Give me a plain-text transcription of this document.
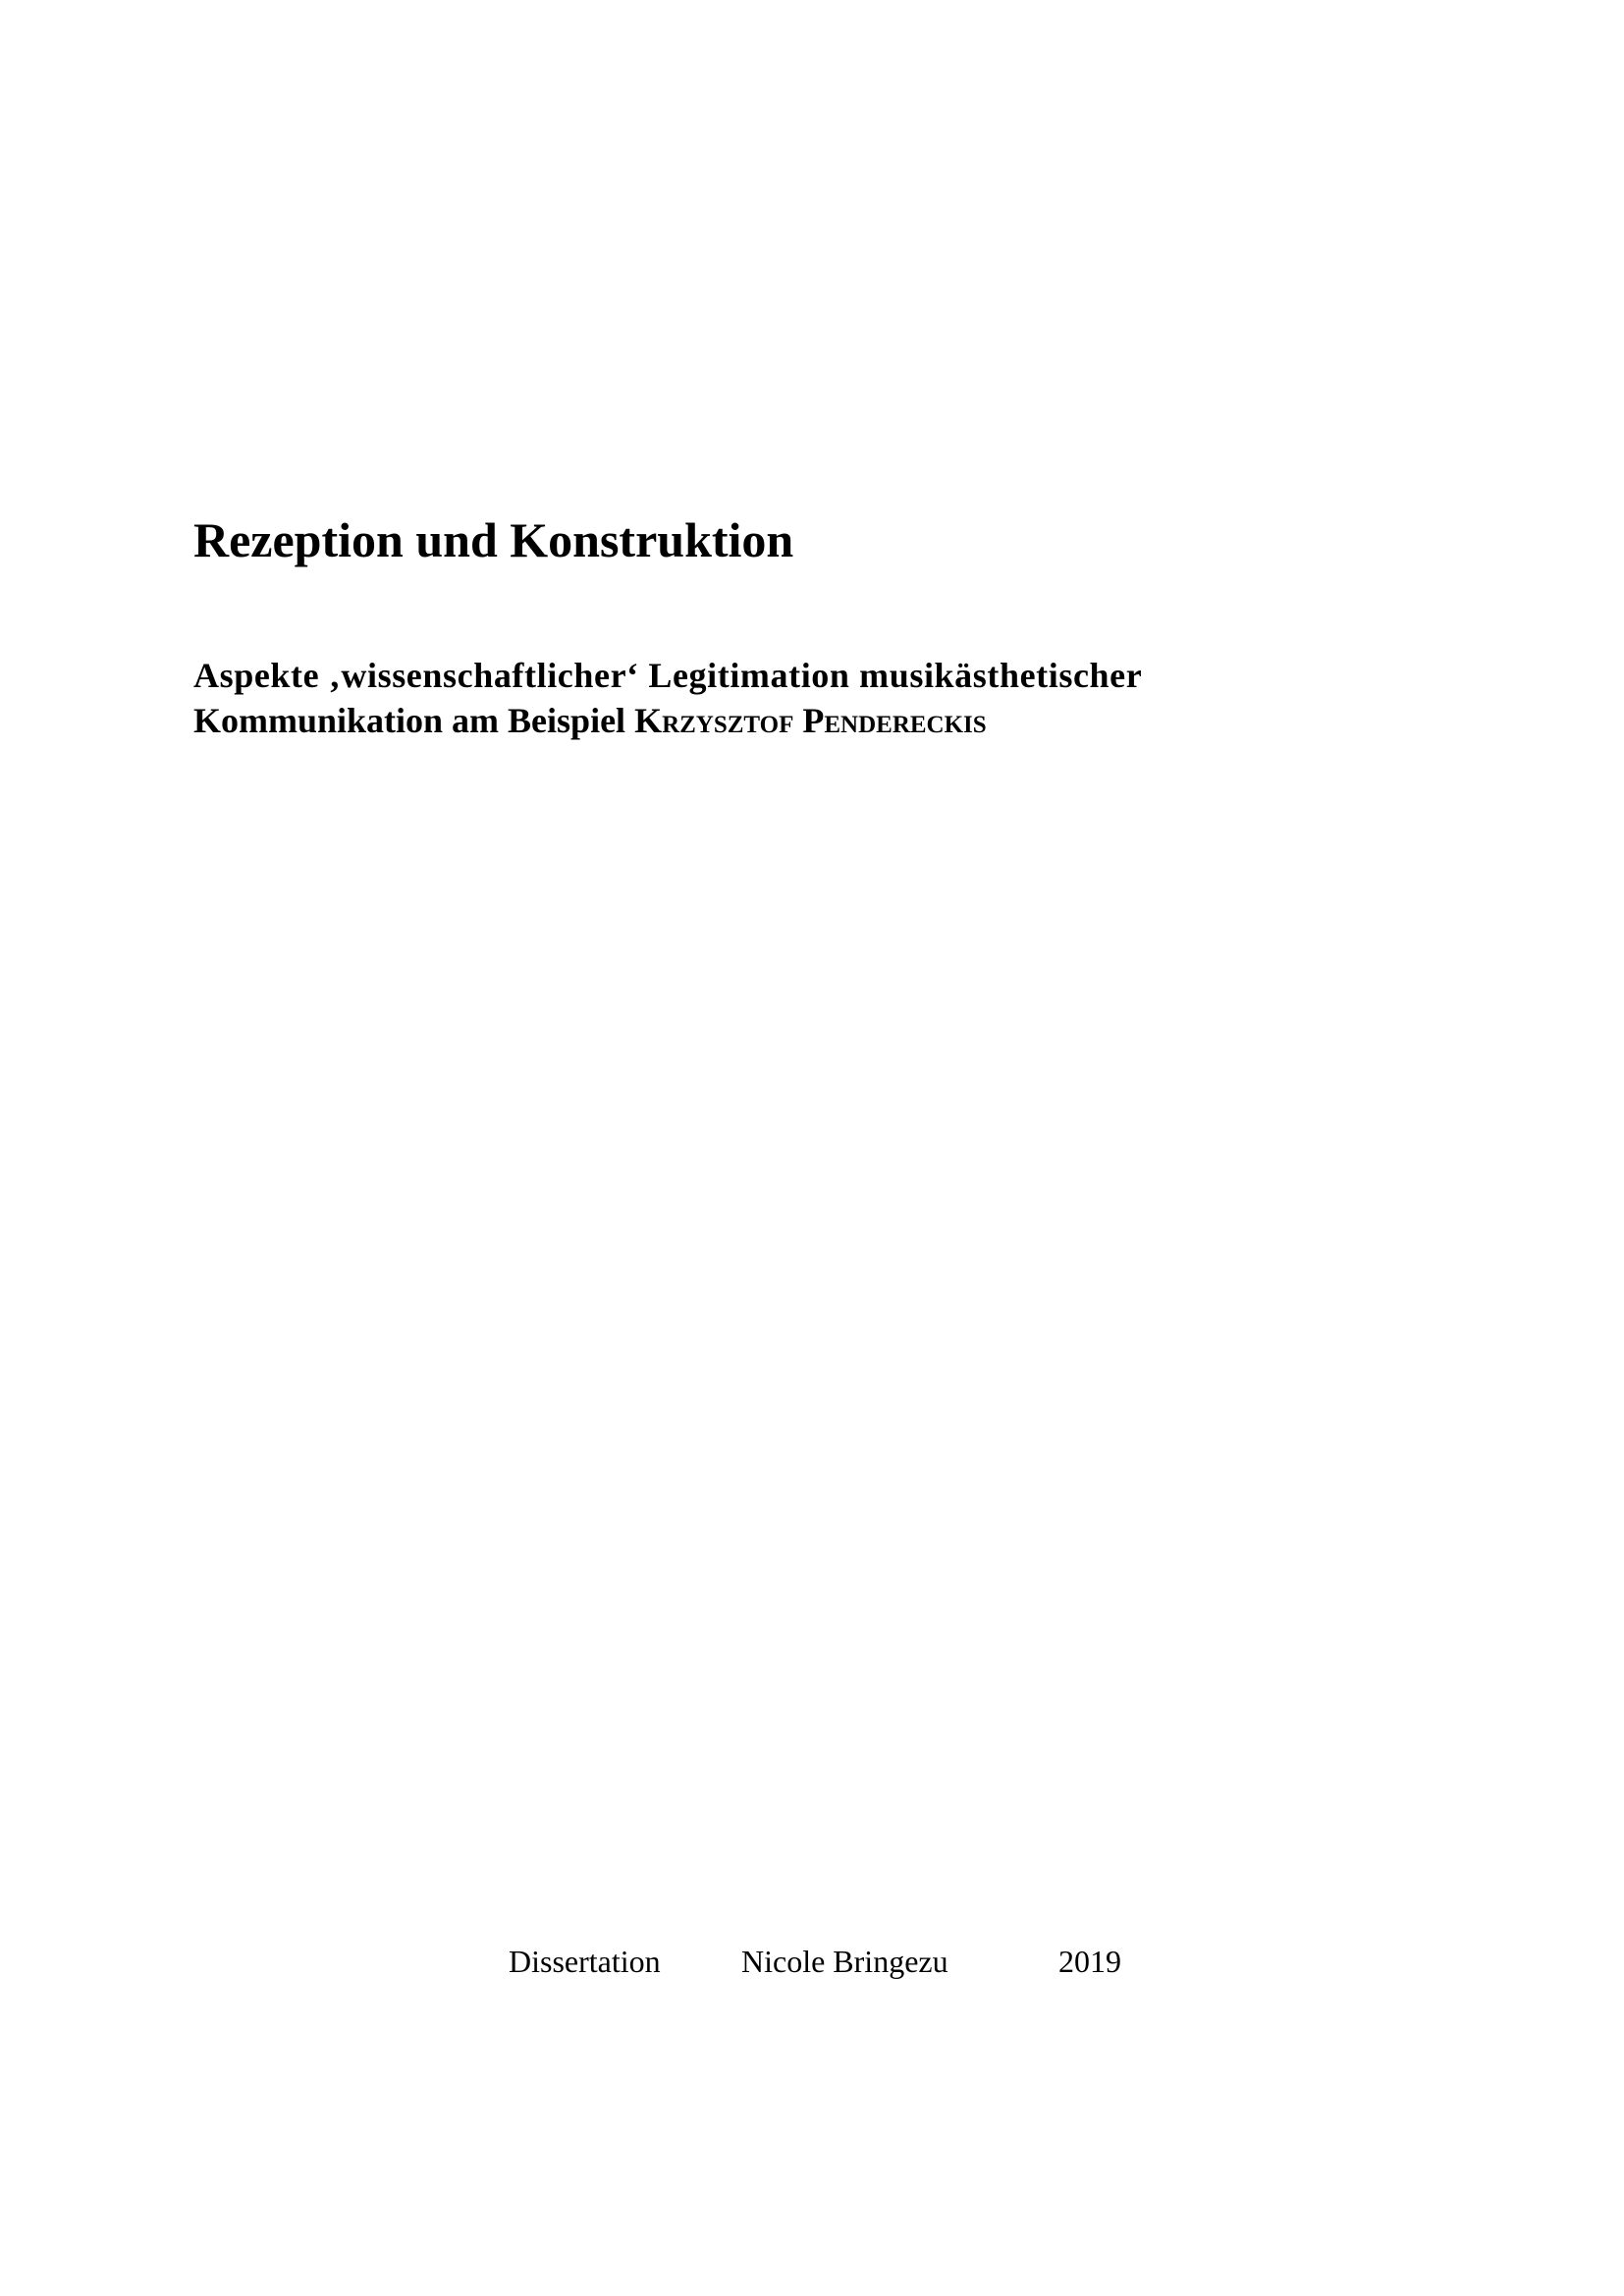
Rezeption und Konstruktion
Aspekte ‚wissenschaftlicher‘ Legitimation musikästhetischer
Kommunikation am Beispiel Krzysztof Pendereckis
Dissertation	Nicole Bringezu	2019
